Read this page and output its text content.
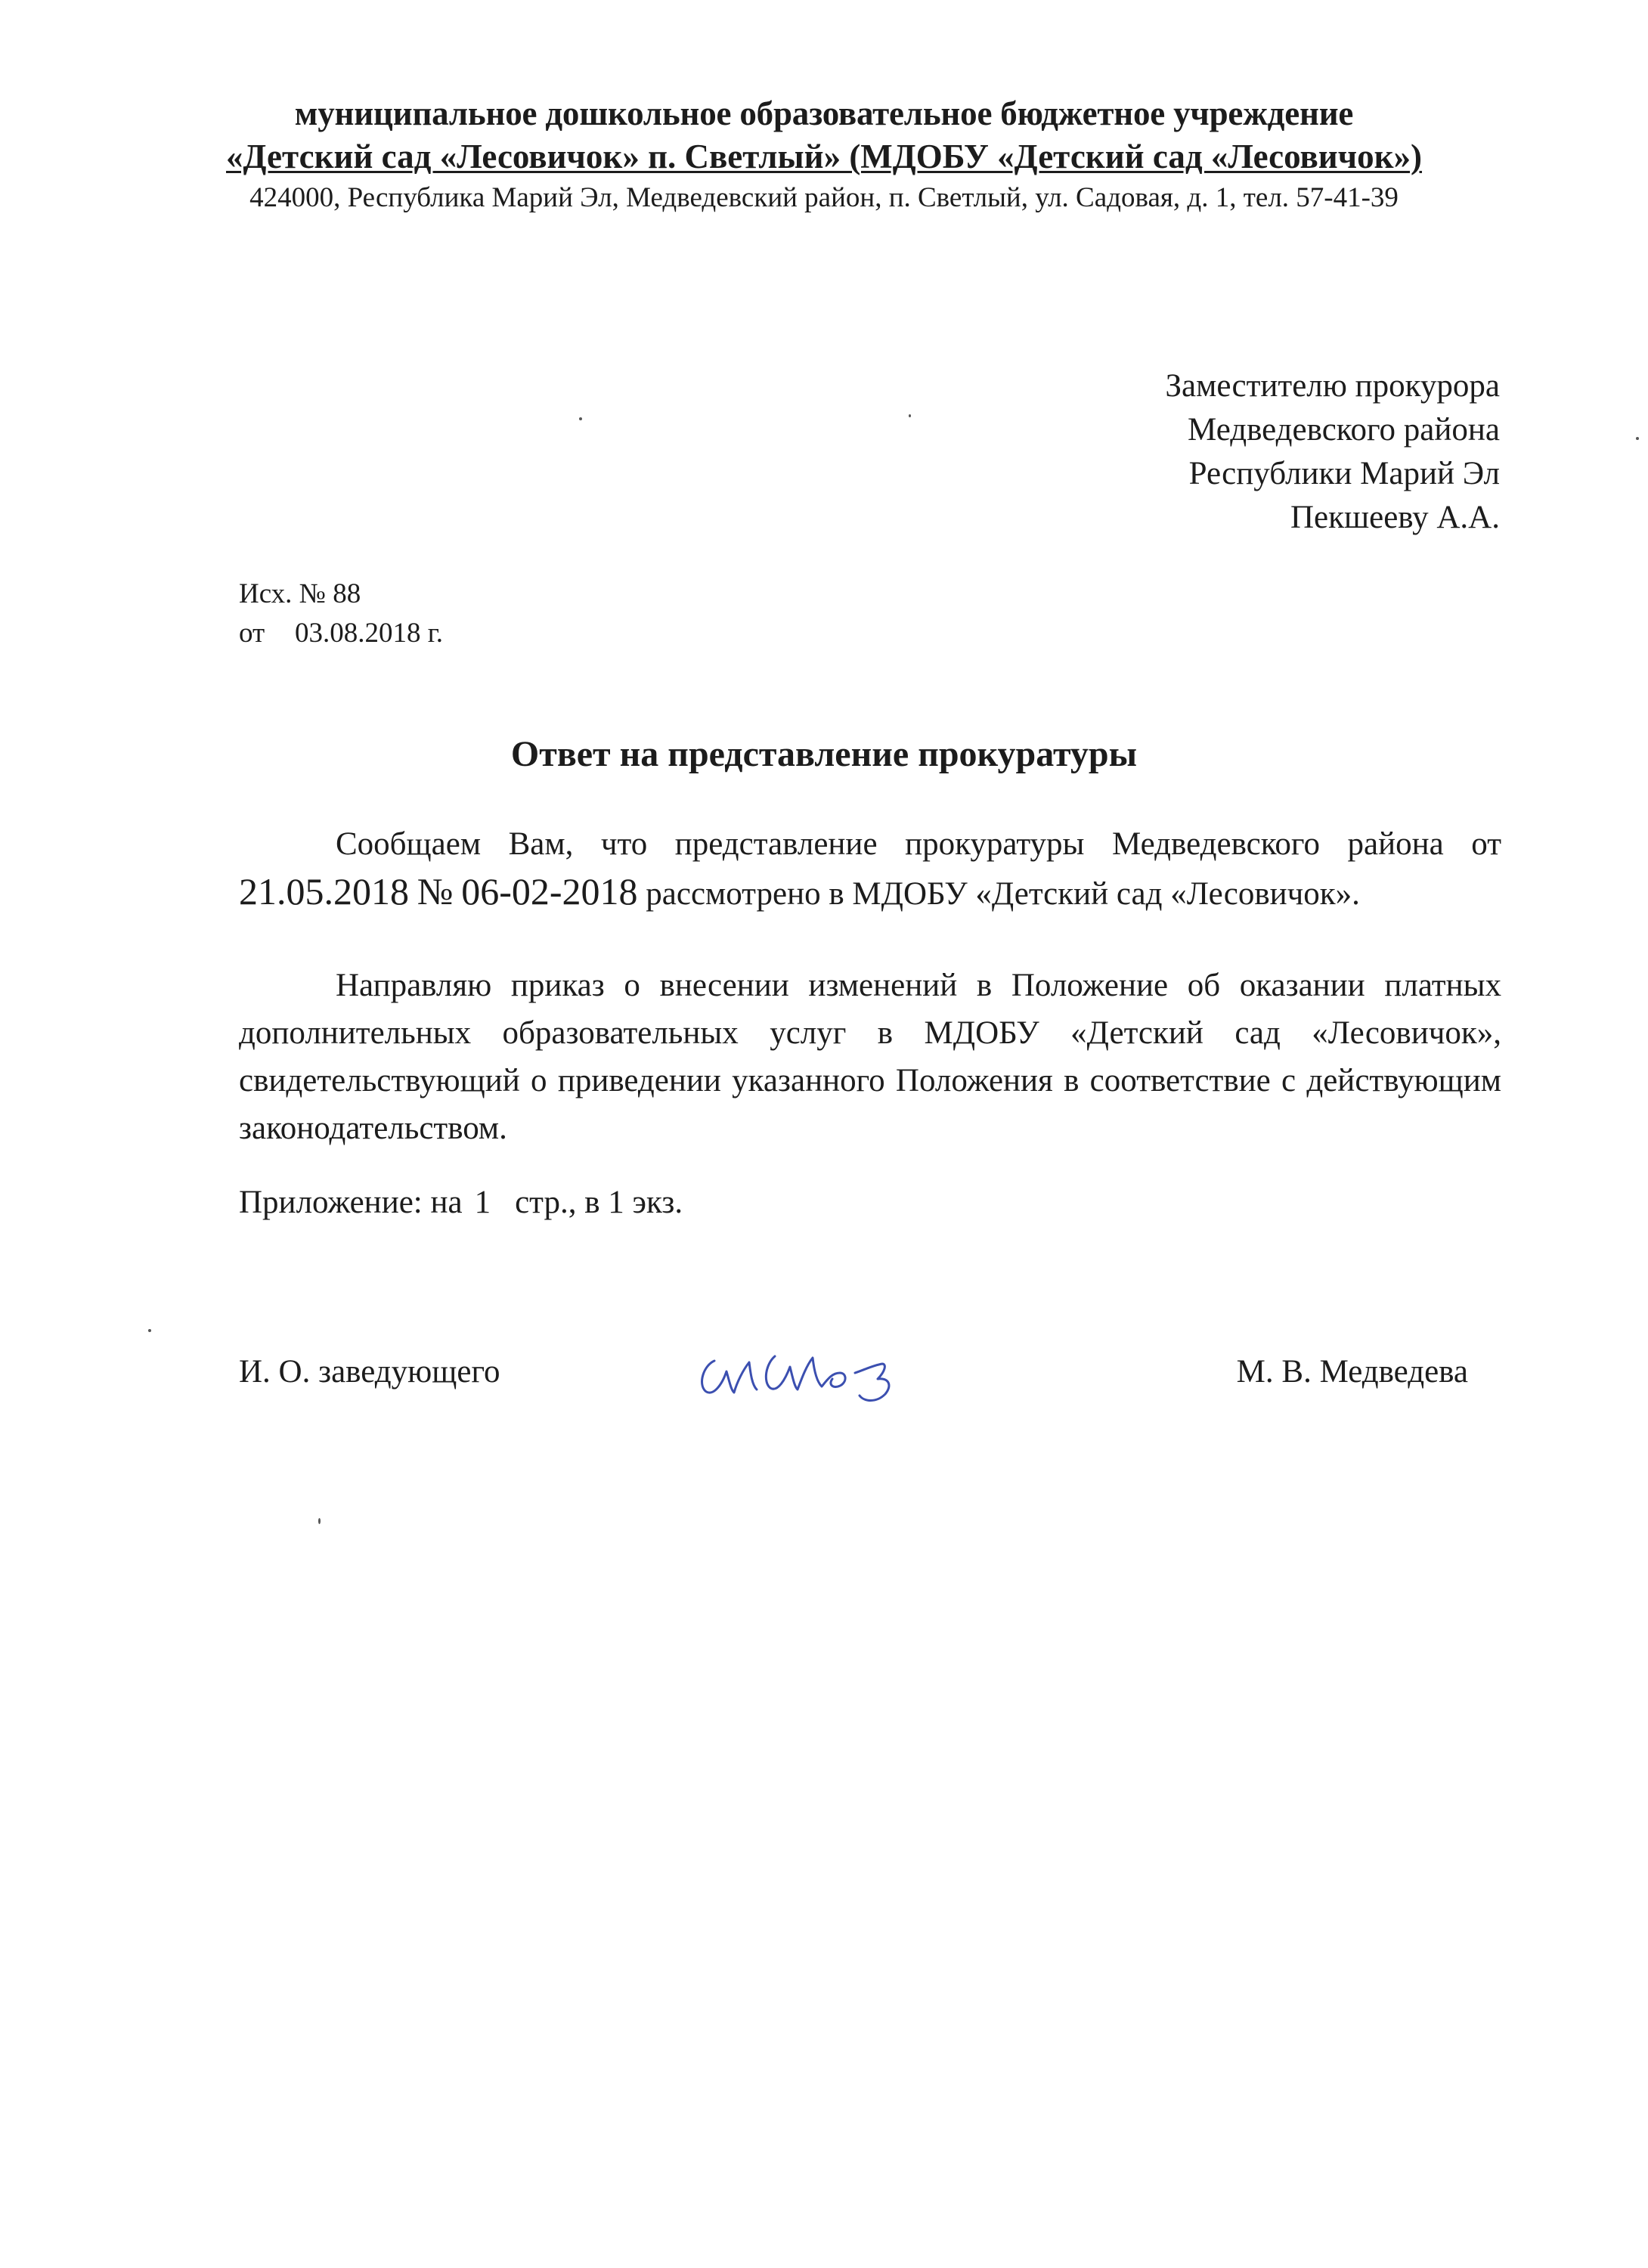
муниципальное дошкольное образовательное бюджетное учреждение

«Детский сад «Лесовичок» п. Светлый» (МДОБУ «Детский сад «Лесовичок»)

424000, Республика Марий Эл, Медведевский район, п. Светлый, ул. Садовая, д. 1, тел. 57-41-39

Заместителю прокурора

Медведевского района

Республики Марий Эл

Пекшееву А.А.

Исх. № 88

от 03.08.2018 г.

Ответ на представление прокуратуры

Сообщаем Вам, что представление прокуратуры Медведевского района от 21.05.2018 № 06-02-2018 рассмотрено в МДОБУ «Детский сад «Лесовичок».

Направляю приказ о внесении изменений в Положение об оказании платных дополнительных образовательных услуг в МДОБУ «Детский сад «Лесовичок», свидетельствующий о приведении указанного Положения в соответствие с действующим законодательством.

Приложение: на 1 стр., в 1 экз.

И. О. заведующего	М. В. Медведева
